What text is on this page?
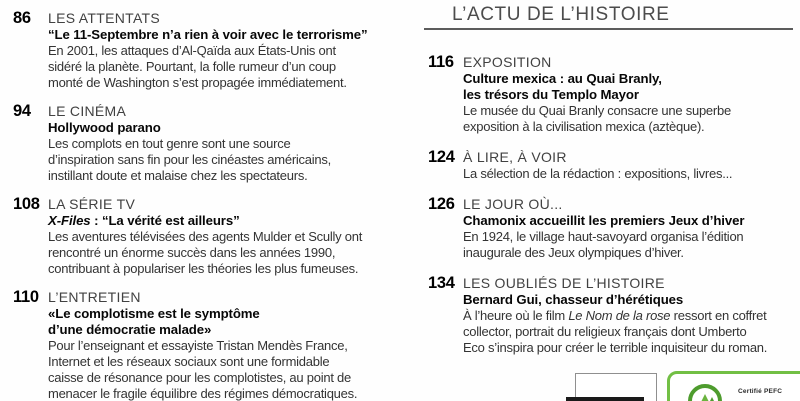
86 LES ATTENTATS
“Le 11-Septembre n’a rien à voir avec le terrorisme”
En 2001, les attaques d’Al-Qaïda aux États-Unis ont
sidéré la planète. Pourtant, la folle rumeur d’un coup
monté de Washington s’est propagée immédiatement.
94 LE CINÉMA
Hollywood parano
Les complots en tout genre sont une source
d’inspiration sans fin pour les cinéastes américains,
instillant doute et malaise chez les spectateurs.
108 LA SÉRIE TV
X-Files : “La vérité est ailleurs”
Les aventures télévisées des agents Mulder et Scully ont
rencontré un énorme succès dans les années 1990,
contribuant à populariser les théories les plus fumeuses.
110 L’ENTRETIEN
«Le complotisme est le symptôme
d’une démocratie malade»
Pour l’enseignant et essayiste Tristan Mendès France,
Internet et les réseaux sociaux sont une formidable
caisse de résonance pour les complotistes, au point de
menacer le fragile équilibre des régimes démocratiques.
L’ACTU DE L’HISTOIRE
116 EXPOSITION
Culture mexica : au Quai Branly,
les trésors du Templo Mayor
Le musée du Quai Branly consacre une superbe
exposition à la civilisation mexica (aztèque).
124 À LIRE, À VOIR
La sélection de la rédaction : expositions, livres...
126 LE JOUR OÙ...
Chamonix accueillit les premiers Jeux d’hiver
En 1924, le village haut-savoyard organisa l’édition
inaugurale des Jeux olympiques d’hiver.
134 LES OUBLIÉS DE L’HISTOIRE
Bernard Gui, chasseur d’hérétiques
À l’heure où le film Le Nom de la rose ressort en coffret
collector, portrait du religieux français dont Umberto
Eco s’inspira pour créer le terrible inquisiteur du roman.
Certifié PEFC
